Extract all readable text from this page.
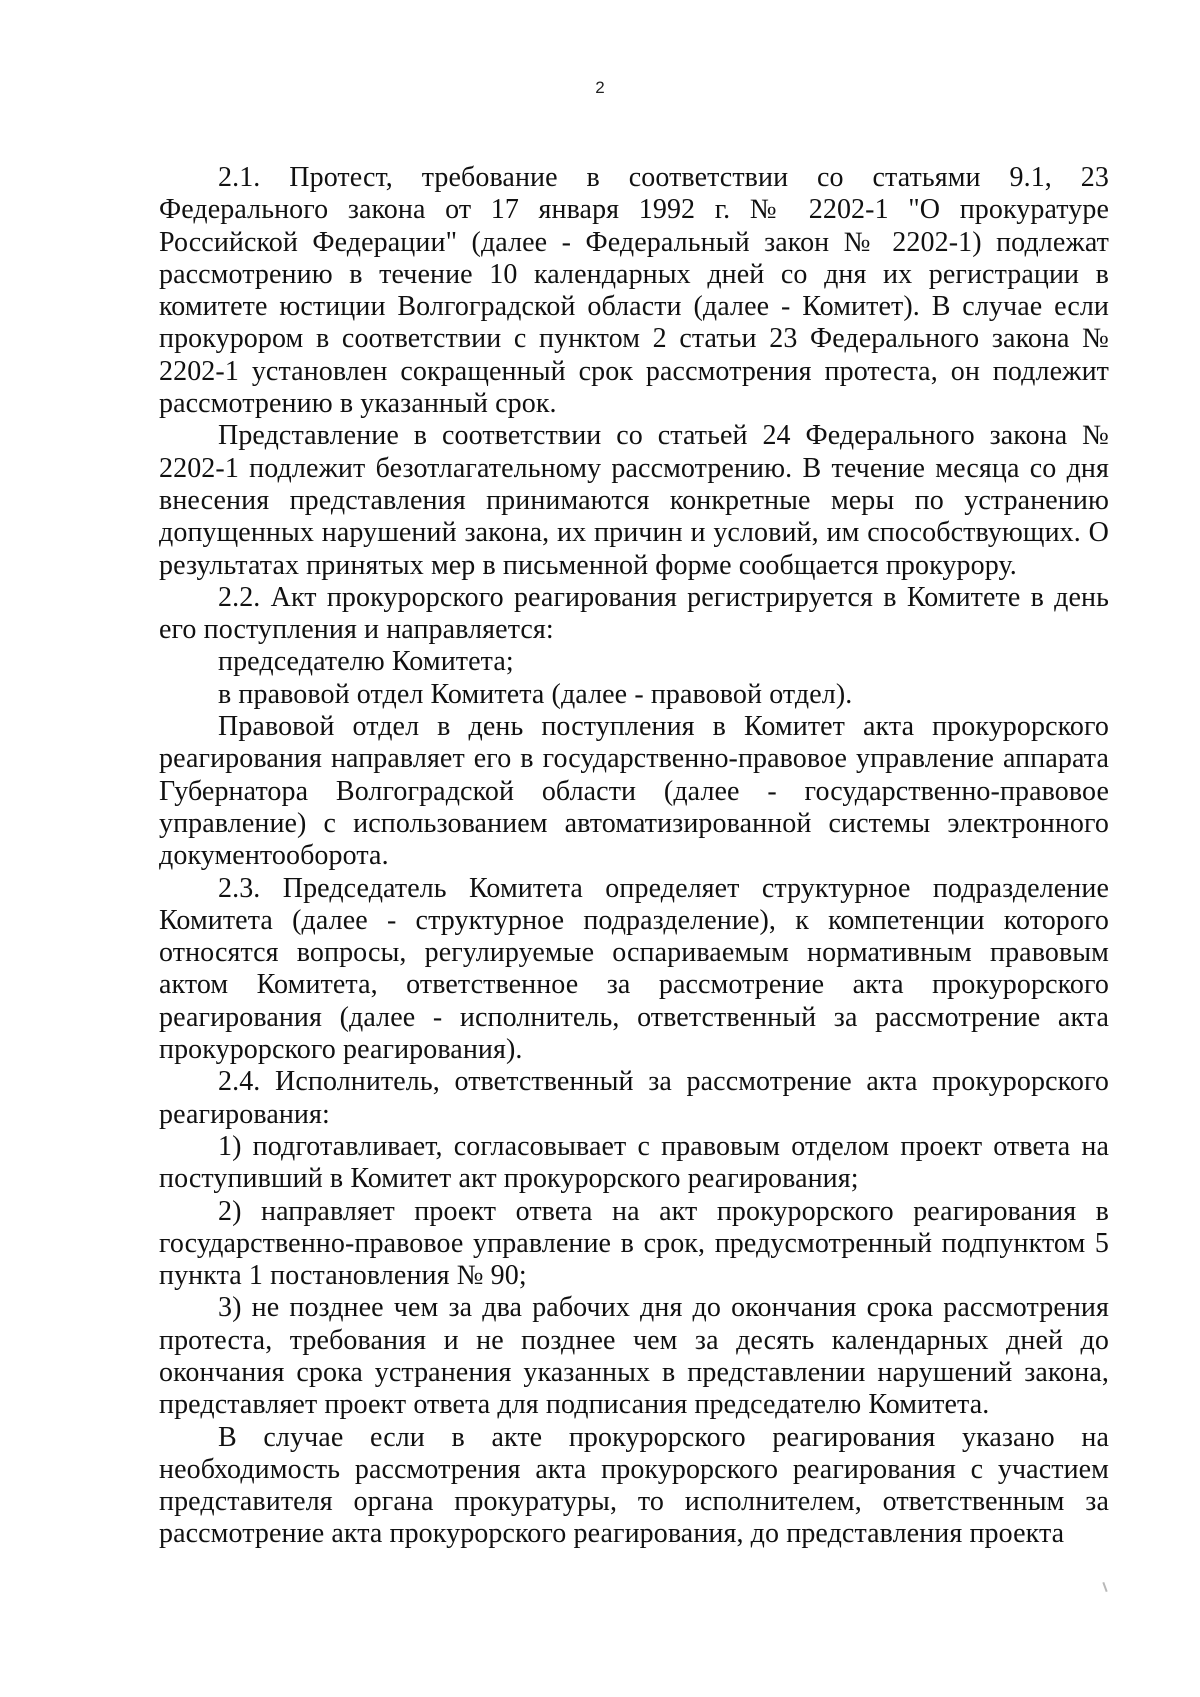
2

2.1. Протест, требование в соответствии со статьями 9.1, 23 Федерального закона от 17 января 1992 г. № 2202-1 "О прокуратуре Российской Федерации" (далее - Федеральный закон № 2202-1) подлежат рассмотрению в течение 10 календарных дней со дня их регистрации в комитете юстиции Волгоградской области (далее - Комитет). В случае если прокурором в соответствии с пунктом 2 статьи 23 Федерального закона № 2202-1 установлен сокращенный срок рассмотрения протеста, он подлежит рассмотрению в указанный срок.

Представление в соответствии со статьей 24 Федерального закона № 2202-1 подлежит безотлагательному рассмотрению. В течение месяца со дня внесения представления принимаются конкретные меры по устранению допущенных нарушений закона, их причин и условий, им способствующих. О результатах принятых мер в письменной форме сообщается прокурору.

2.2. Акт прокурорского реагирования регистрируется в Комитете в день его поступления и направляется:

председателю Комитета;

в правовой отдел Комитета (далее - правовой отдел).

Правовой отдел в день поступления в Комитет акта прокурорского реагирования направляет его в государственно-правовое управление аппарата Губернатора Волгоградской области (далее - государственно-правовое управление) с использованием автоматизированной системы электронного документооборота.

2.3. Председатель Комитета определяет структурное подразделение Комитета (далее - структурное подразделение), к компетенции которого относятся вопросы, регулируемые оспариваемым нормативным правовым актом Комитета, ответственное за рассмотрение акта прокурорского реагирования (далее - исполнитель, ответственный за рассмотрение акта прокурорского реагирования).

2.4. Исполнитель, ответственный за рассмотрение акта прокурорского реагирования:

1) подготавливает, согласовывает с правовым отделом проект ответа на поступивший в Комитет акт прокурорского реагирования;

2) направляет проект ответа на акт прокурорского реагирования в государственно-правовое управление в срок, предусмотренный подпунктом 5 пункта 1 постановления № 90;

3) не позднее чем за два рабочих дня до окончания срока рассмотрения протеста, требования и не позднее чем за десять календарных дней до окончания срока устранения указанных в представлении нарушений закона, представляет проект ответа для подписания председателю Комитета.

В случае если в акте прокурорского реагирования указано на необходимость рассмотрения акта прокурорского реагирования с участием представителя органа прокуратуры, то исполнителем, ответственным за рассмотрение акта прокурорского реагирования, до представления проекта
